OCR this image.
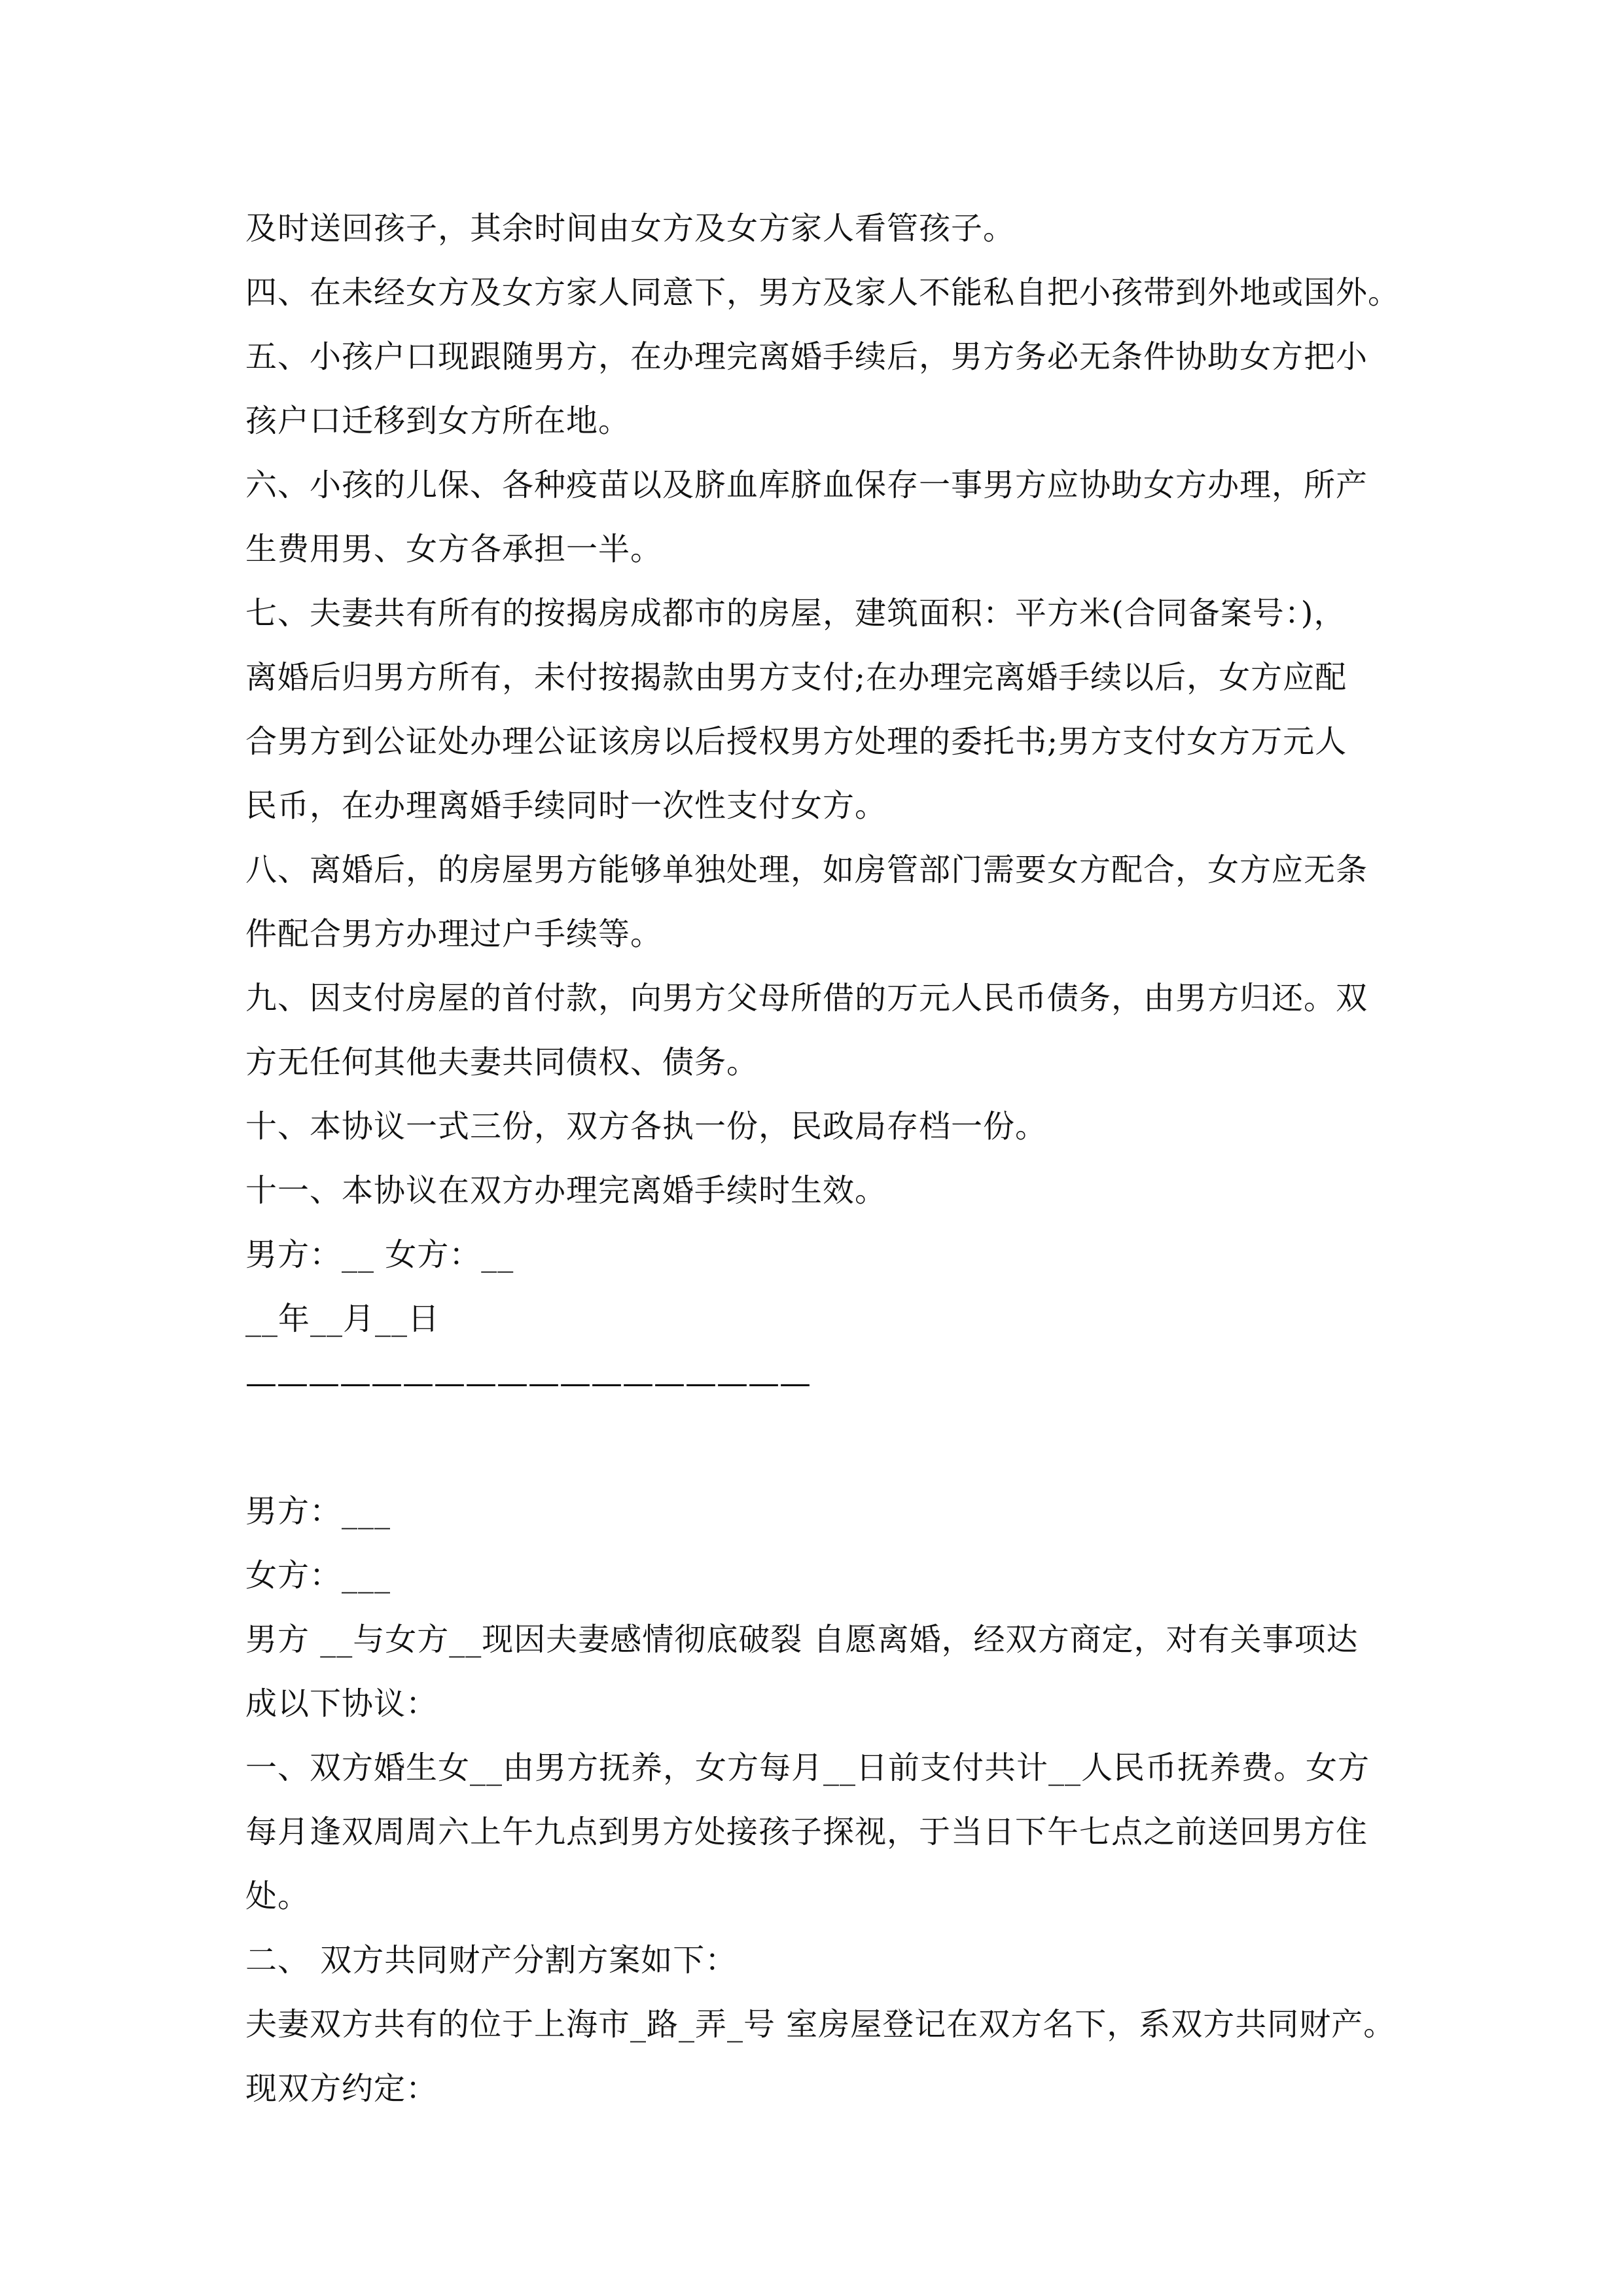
及时送回孩子，其余时间由女方及女方家人看管孩子。
四、在未经女方及女方家人同意下，男方及家人不能私自把小孩带到外地或国外。
五、小孩户口现跟随男方，在办理完离婚手续后，男方务必无条件协助女方把小
孩户口迁移到女方所在地。
六、小孩的儿保、各种疫苗以及脐血库脐血保存一事男方应协助女方办理，所产
生费用男、女方各承担一半。
七、夫妻共有所有的按揭房成都市的房屋，建筑面积：平方米(合同备案号：)，
离婚后归男方所有，未付按揭款由男方支付;在办理完离婚手续以后，女方应配
合男方到公证处办理公证该房以后授权男方处理的委托书;男方支付女方万元人
民币，在办理离婚手续同时一次性支付女方。
八、离婚后，的房屋男方能够单独处理，如房管部门需要女方配合，女方应无条
件配合男方办理过户手续等。
九、因支付房屋的首付款，向男方父母所借的万元人民币债务，由男方归还。双
方无任何其他夫妻共同债权、债务。
十、本协议一式三份，双方各执一份，民政局存档一份。
十一、本协议在双方办理完离婚手续时生效。
男方：__ 女方：__
__年__月__日
——————————————————
男方：___
女方：___
男方 __与女方__现因夫妻感情彻底破裂 自愿离婚，经双方商定，对有关事项达
成以下协议：
一、双方婚生女__由男方抚养，女方每月__日前支付共计__人民币抚养费。女方
每月逢双周周六上午九点到男方处接孩子探视，于当日下午七点之前送回男方住
处。
二、 双方共同财产分割方案如下：
夫妻双方共有的位于上海市_路_弄_号 室房屋登记在双方名下，系双方共同财产。
现双方约定：
